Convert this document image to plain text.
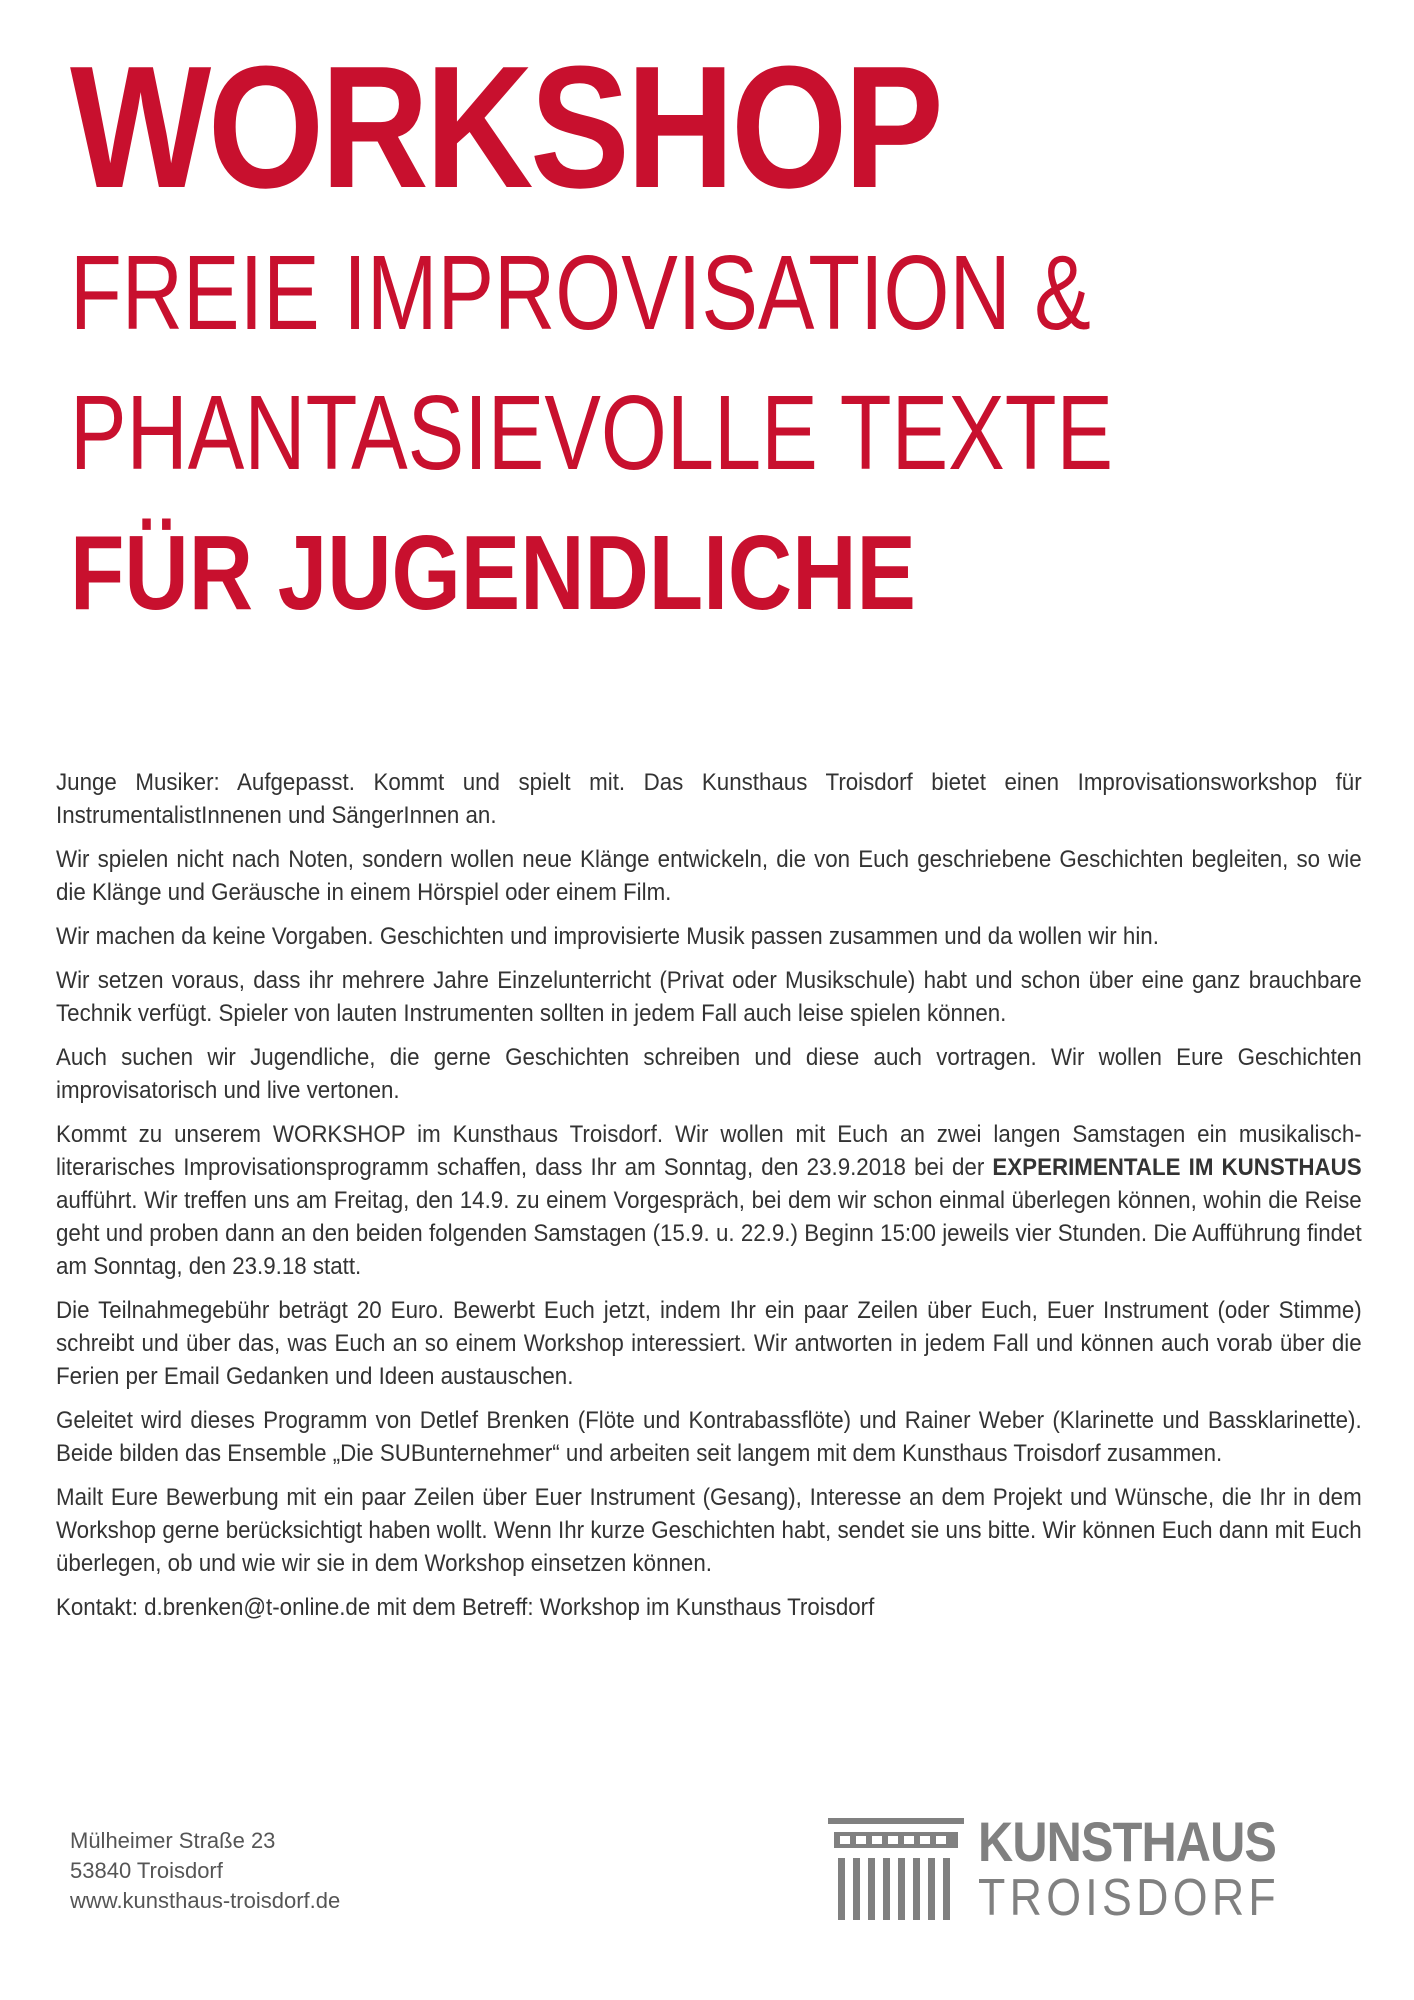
WORKSHOP
FREIE IMPROVISATION &
PHANTASIEVOLLE TEXTE
FÜR JUGENDLICHE

Junge Musiker: Aufgepasst. Kommt und spielt mit. Das Kunsthaus Troisdorf bietet einen Improvisationsworkshop für InstrumentalistInnenen und SängerInnen an.

Wir spielen nicht nach Noten, sondern wollen neue Klänge entwickeln, die von Euch geschriebene Geschichten begleiten, so wie die Klänge und Geräusche in einem Hörspiel oder einem Film.

Wir machen da keine Vorgaben. Geschichten und improvisierte Musik passen zusammen und da wollen wir hin.

Wir setzen voraus, dass ihr mehrere Jahre Einzelunterricht (Privat oder Musikschule) habt und schon über eine ganz brauchbare Technik verfügt. Spieler von lauten Instrumenten sollten in jedem Fall auch leise spielen können.

Auch suchen wir Jugendliche, die gerne Geschichten schreiben und diese auch vortragen. Wir wollen Eure Geschichten improvisatorisch und live vertonen.

Kommt zu unserem WORKSHOP im Kunsthaus Troisdorf. Wir wollen mit Euch an zwei langen Samstagen ein musikalisch-literarisches Improvisationsprogramm schaffen, dass Ihr am Sonntag, den 23.9.2018 bei der EXPERIMENTALE IM KUNSTHAUS aufführt. Wir treffen uns am Freitag, den 14.9. zu einem Vorgespräch, bei dem wir schon einmal überlegen können, wohin die Reise geht und proben dann an den beiden folgenden Samstagen (15.9. u. 22.9.) Beginn 15:00 jeweils vier Stunden. Die Aufführung findet am Sonntag, den 23.9.18 statt.

Die Teilnahmegebühr beträgt 20 Euro. Bewerbt Euch jetzt, indem Ihr ein paar Zeilen über Euch, Euer Instrument (oder Stimme) schreibt und über das, was Euch an so einem Workshop interessiert. Wir antworten in jedem Fall und können auch vorab über die Ferien per Email Gedanken und Ideen austauschen.

Geleitet wird dieses Programm von Detlef Brenken (Flöte und Kontrabassflöte) und Rainer Weber (Klarinette und Bassklarinette). Beide bilden das Ensemble „Die SUBunternehmer“ und arbeiten seit langem mit dem Kunsthaus Troisdorf zusammen.

Mailt Eure Bewerbung mit ein paar Zeilen über Euer Instrument (Gesang), Interesse an dem Projekt und Wünsche, die Ihr in dem Workshop gerne berücksichtigt haben wollt. Wenn Ihr kurze Geschichten habt, sendet sie uns bitte. Wir können Euch dann mit Euch überlegen, ob und wie wir sie in dem Workshop einsetzen können.

Kontakt: d.brenken@t-online.de mit dem Betreff: Workshop im Kunsthaus Troisdorf

Mülheimer Straße 23
53840 Troisdorf
www.kunsthaus-troisdorf.de
KUNSTHAUS
TROISDORF
